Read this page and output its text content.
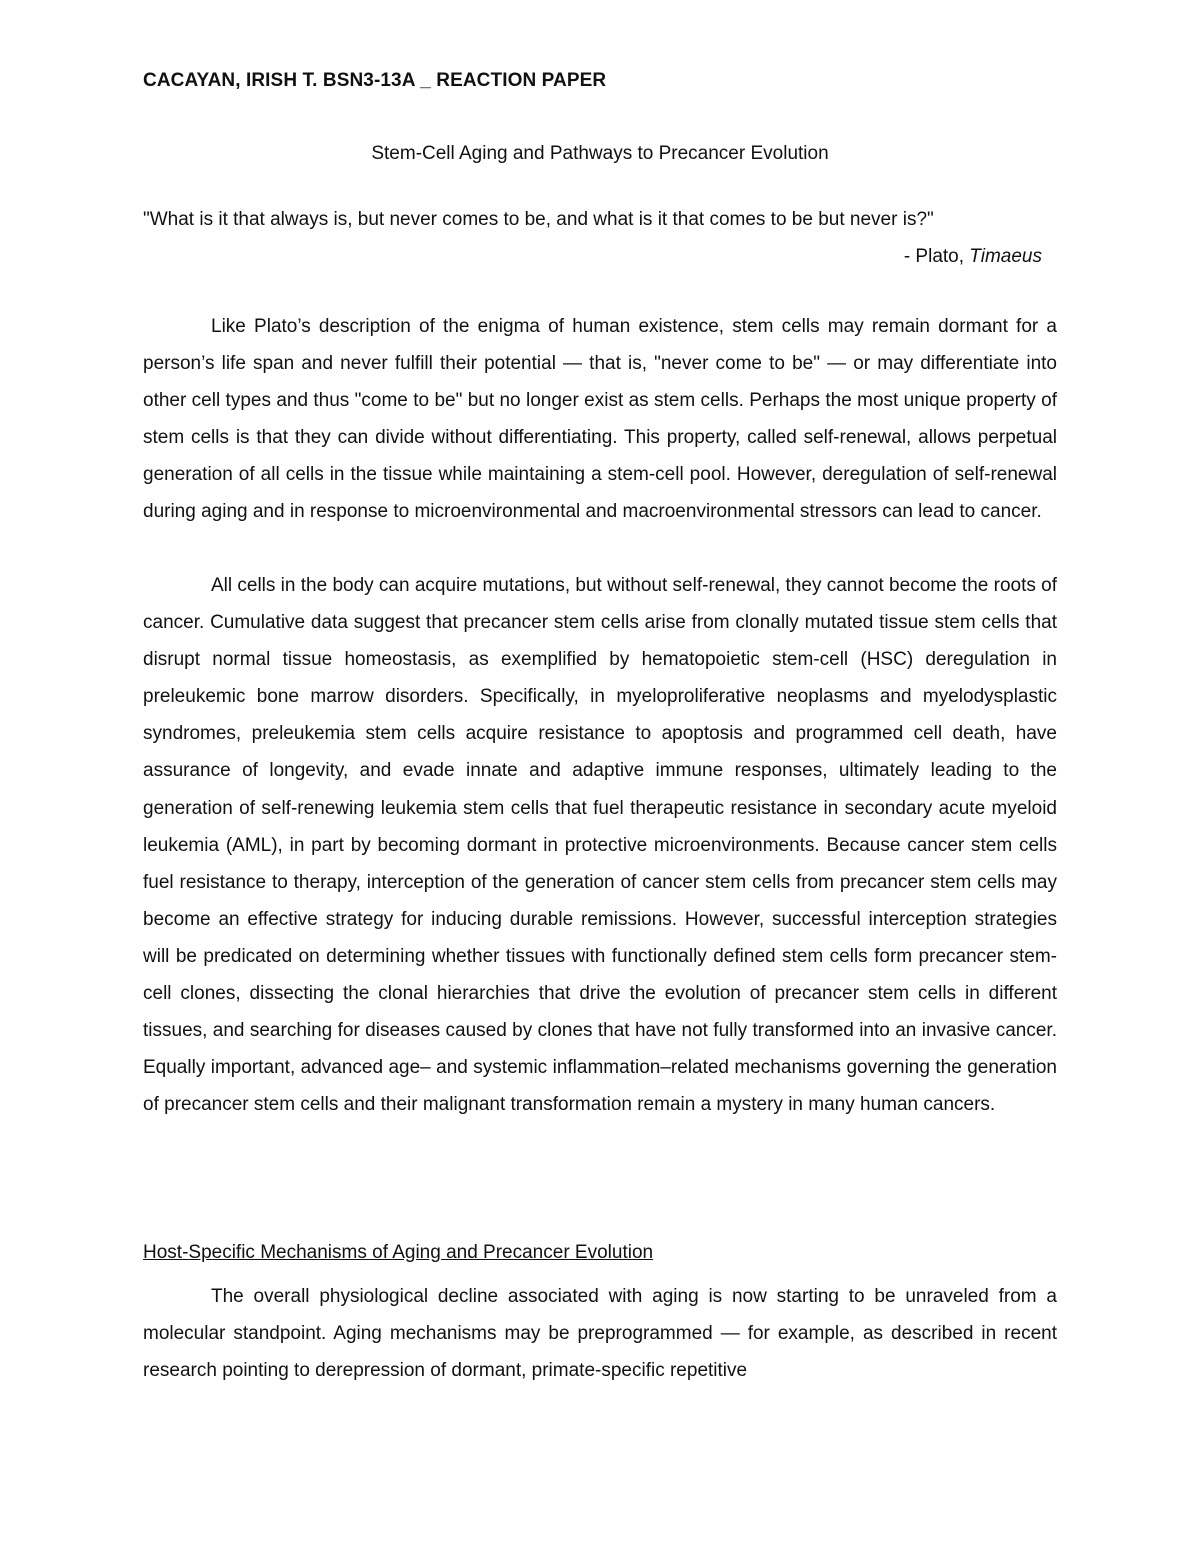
CACAYAN, IRISH T. BSN3-13A _ REACTION PAPER
Stem-Cell Aging and Pathways to Precancer Evolution
"What is it that always is, but never comes to be, and what is it that comes to be but never is?"
- Plato, Timaeus

Like Plato’s description of the enigma of human existence, stem cells may remain dormant for a person’s life span and never fulfill their potential — that is, "never come to be" — or may differentiate into other cell types and thus "come to be" but no longer exist as stem cells. Perhaps the most unique property of stem cells is that they can divide without differentiating. This property, called self-renewal, allows perpetual generation of all cells in the tissue while maintaining a stem-cell pool. However, deregulation of self-renewal during aging and in response to microenvironmental and macroenvironmental stressors can lead to cancer.

All cells in the body can acquire mutations, but without self-renewal, they cannot become the roots of cancer. Cumulative data suggest that precancer stem cells arise from clonally mutated tissue stem cells that disrupt normal tissue homeostasis, as exemplified by hematopoietic stem-cell (HSC) deregulation in preleukemic bone marrow disorders. Specifically, in myeloproliferative neoplasms and myelodysplastic syndromes, preleukemia stem cells acquire resistance to apoptosis and programmed cell death, have assurance of longevity, and evade innate and adaptive immune responses, ultimately leading to the generation of self-renewing leukemia stem cells that fuel therapeutic resistance in secondary acute myeloid leukemia (AML), in part by becoming dormant in protective microenvironments. Because cancer stem cells fuel resistance to therapy, interception of the generation of cancer stem cells from precancer stem cells may become an effective strategy for inducing durable remissions. However, successful interception strategies will be predicated on determining whether tissues with functionally defined stem cells form precancer stem-cell clones, dissecting the clonal hierarchies that drive the evolution of precancer stem cells in different tissues, and searching for diseases caused by clones that have not fully transformed into an invasive cancer. Equally important, advanced age– and systemic inflammation–related mechanisms governing the generation of precancer stem cells and their malignant transformation remain a mystery in many human cancers.

Host-Specific Mechanisms of Aging and Precancer Evolution

The overall physiological decline associated with aging is now starting to be unraveled from a molecular standpoint. Aging mechanisms may be preprogrammed — for example, as described in recent research pointing to derepression of dormant, primate-specific repetitive
